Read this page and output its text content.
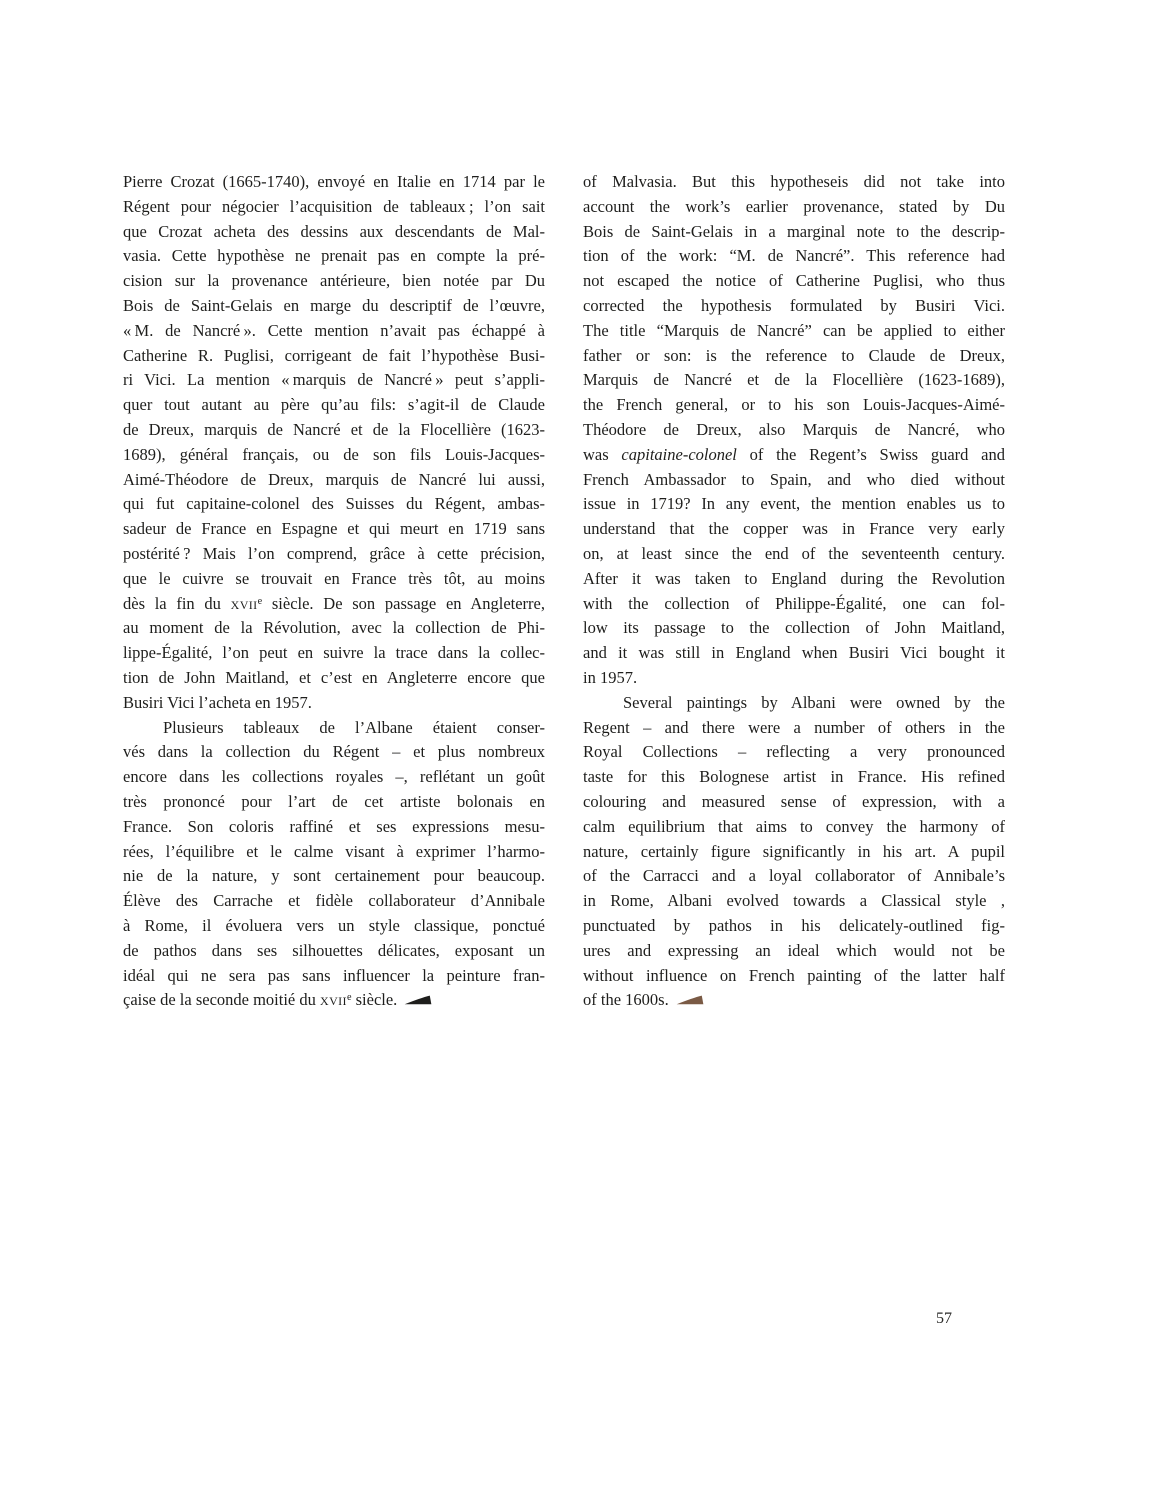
Pierre Crozat (1665-1740), envoyé en Italie en 1714 par le
Régent pour négocier l’acquisition de tableaux ; l’on sait
que Crozat acheta des dessins aux descendants de Mal-
vasia. Cette hypothèse ne prenait pas en compte la pré-
cision sur la provenance antérieure, bien notée par Du
Bois de Saint-Gelais en marge du descriptif de l’œuvre,
« M. de Nancré ». Cette mention n’avait pas échappé à
Catherine R. Puglisi, corrigeant de fait l’hypothèse Busi-
ri Vici. La mention « marquis de Nancré » peut s’appli-
quer tout autant au père qu’au fils: s’agit-il de Claude
de Dreux, marquis de Nancré et de la Flocellière (1623-
1689), général français, ou de son fils Louis-Jacques-
Aimé-Théodore de Dreux, marquis de Nancré lui aussi,
qui fut capitaine-colonel des Suisses du Régent, ambas-
sadeur de France en Espagne et qui meurt en 1719 sans
postérité ? Mais l’on comprend, grâce à cette précision,
que le cuivre se trouvait en France très tôt, au moins
dès la fin du xvii$^e$ siècle. De son passage en Angleterre,
au moment de la Révolution, avec la collection de Phi-
lippe-Égalité, l’on peut en suivre la trace dans la collec-
tion de John Maitland, et c’est en Angleterre encore que
Busiri Vici l’acheta en 1957.
Plusieurs tableaux de l’Albane étaient conser-
vés dans la collection du Régent – et plus nombreux
encore dans les collections royales –, reflétant un goût
très prononcé pour l’art de cet artiste bolonais en
France. Son coloris raffiné et ses expressions mesu-
rées, l’équilibre et le calme visant à exprimer l’harmo-
nie de la nature, y sont certainement pour beaucoup.
Élève des Carrache et fidèle collaborateur d’Annibale
à Rome, il évoluera vers un style classique, ponctué
de pathos dans ses silhouettes délicates, exposant un
idéal qui ne sera pas sans influencer la peinture fran-
çaise de la seconde moitié du xvii$^e$ siècle.
of Malvasia. But this hypotheseis did not take into
account the work’s earlier provenance, stated by Du
Bois de Saint-Gelais in a marginal note to the descrip-
tion of the work: “M. de Nancré”. This reference had
not escaped the notice of Catherine Puglisi, who thus
corrected the hypothesis formulated by Busiri Vici.
The title “Marquis de Nancré” can be applied to either
father or son: is the reference to Claude de Dreux,
Marquis de Nancré et de la Flocellière (1623-1689),
the French general, or to his son Louis-Jacques-Aimé-
Théodore de Dreux, also Marquis de Nancré, who
was capitaine-colonel of the Regent’s Swiss guard and
French Ambassador to Spain, and who died without
issue in 1719? In any event, the mention enables us to
understand that the copper was in France very early
on, at least since the end of the seventeenth century.
After it was taken to England during the Revolution
with the collection of Philippe-Égalité, one can fol-
low its passage to the collection of John Maitland,
and it was still in England when Busiri Vici bought it
in 1957.
Several paintings by Albani were owned by the
Regent – and there were a number of others in the
Royal Collections – reflecting a very pronounced
taste for this Bolognese artist in France. His refined
colouring and measured sense of expression, with a
calm equilibrium that aims to convey the harmony of
nature, certainly figure significantly in his art. A pupil
of the Carracci and a loyal collaborator of Annibale’s
in Rome, Albani evolved towards a Classical style ,
punctuated by pathos in his delicately-outlined fig-
ures and expressing an ideal which would not be
without influence on French painting of the latter half
of the 1600s.
57
